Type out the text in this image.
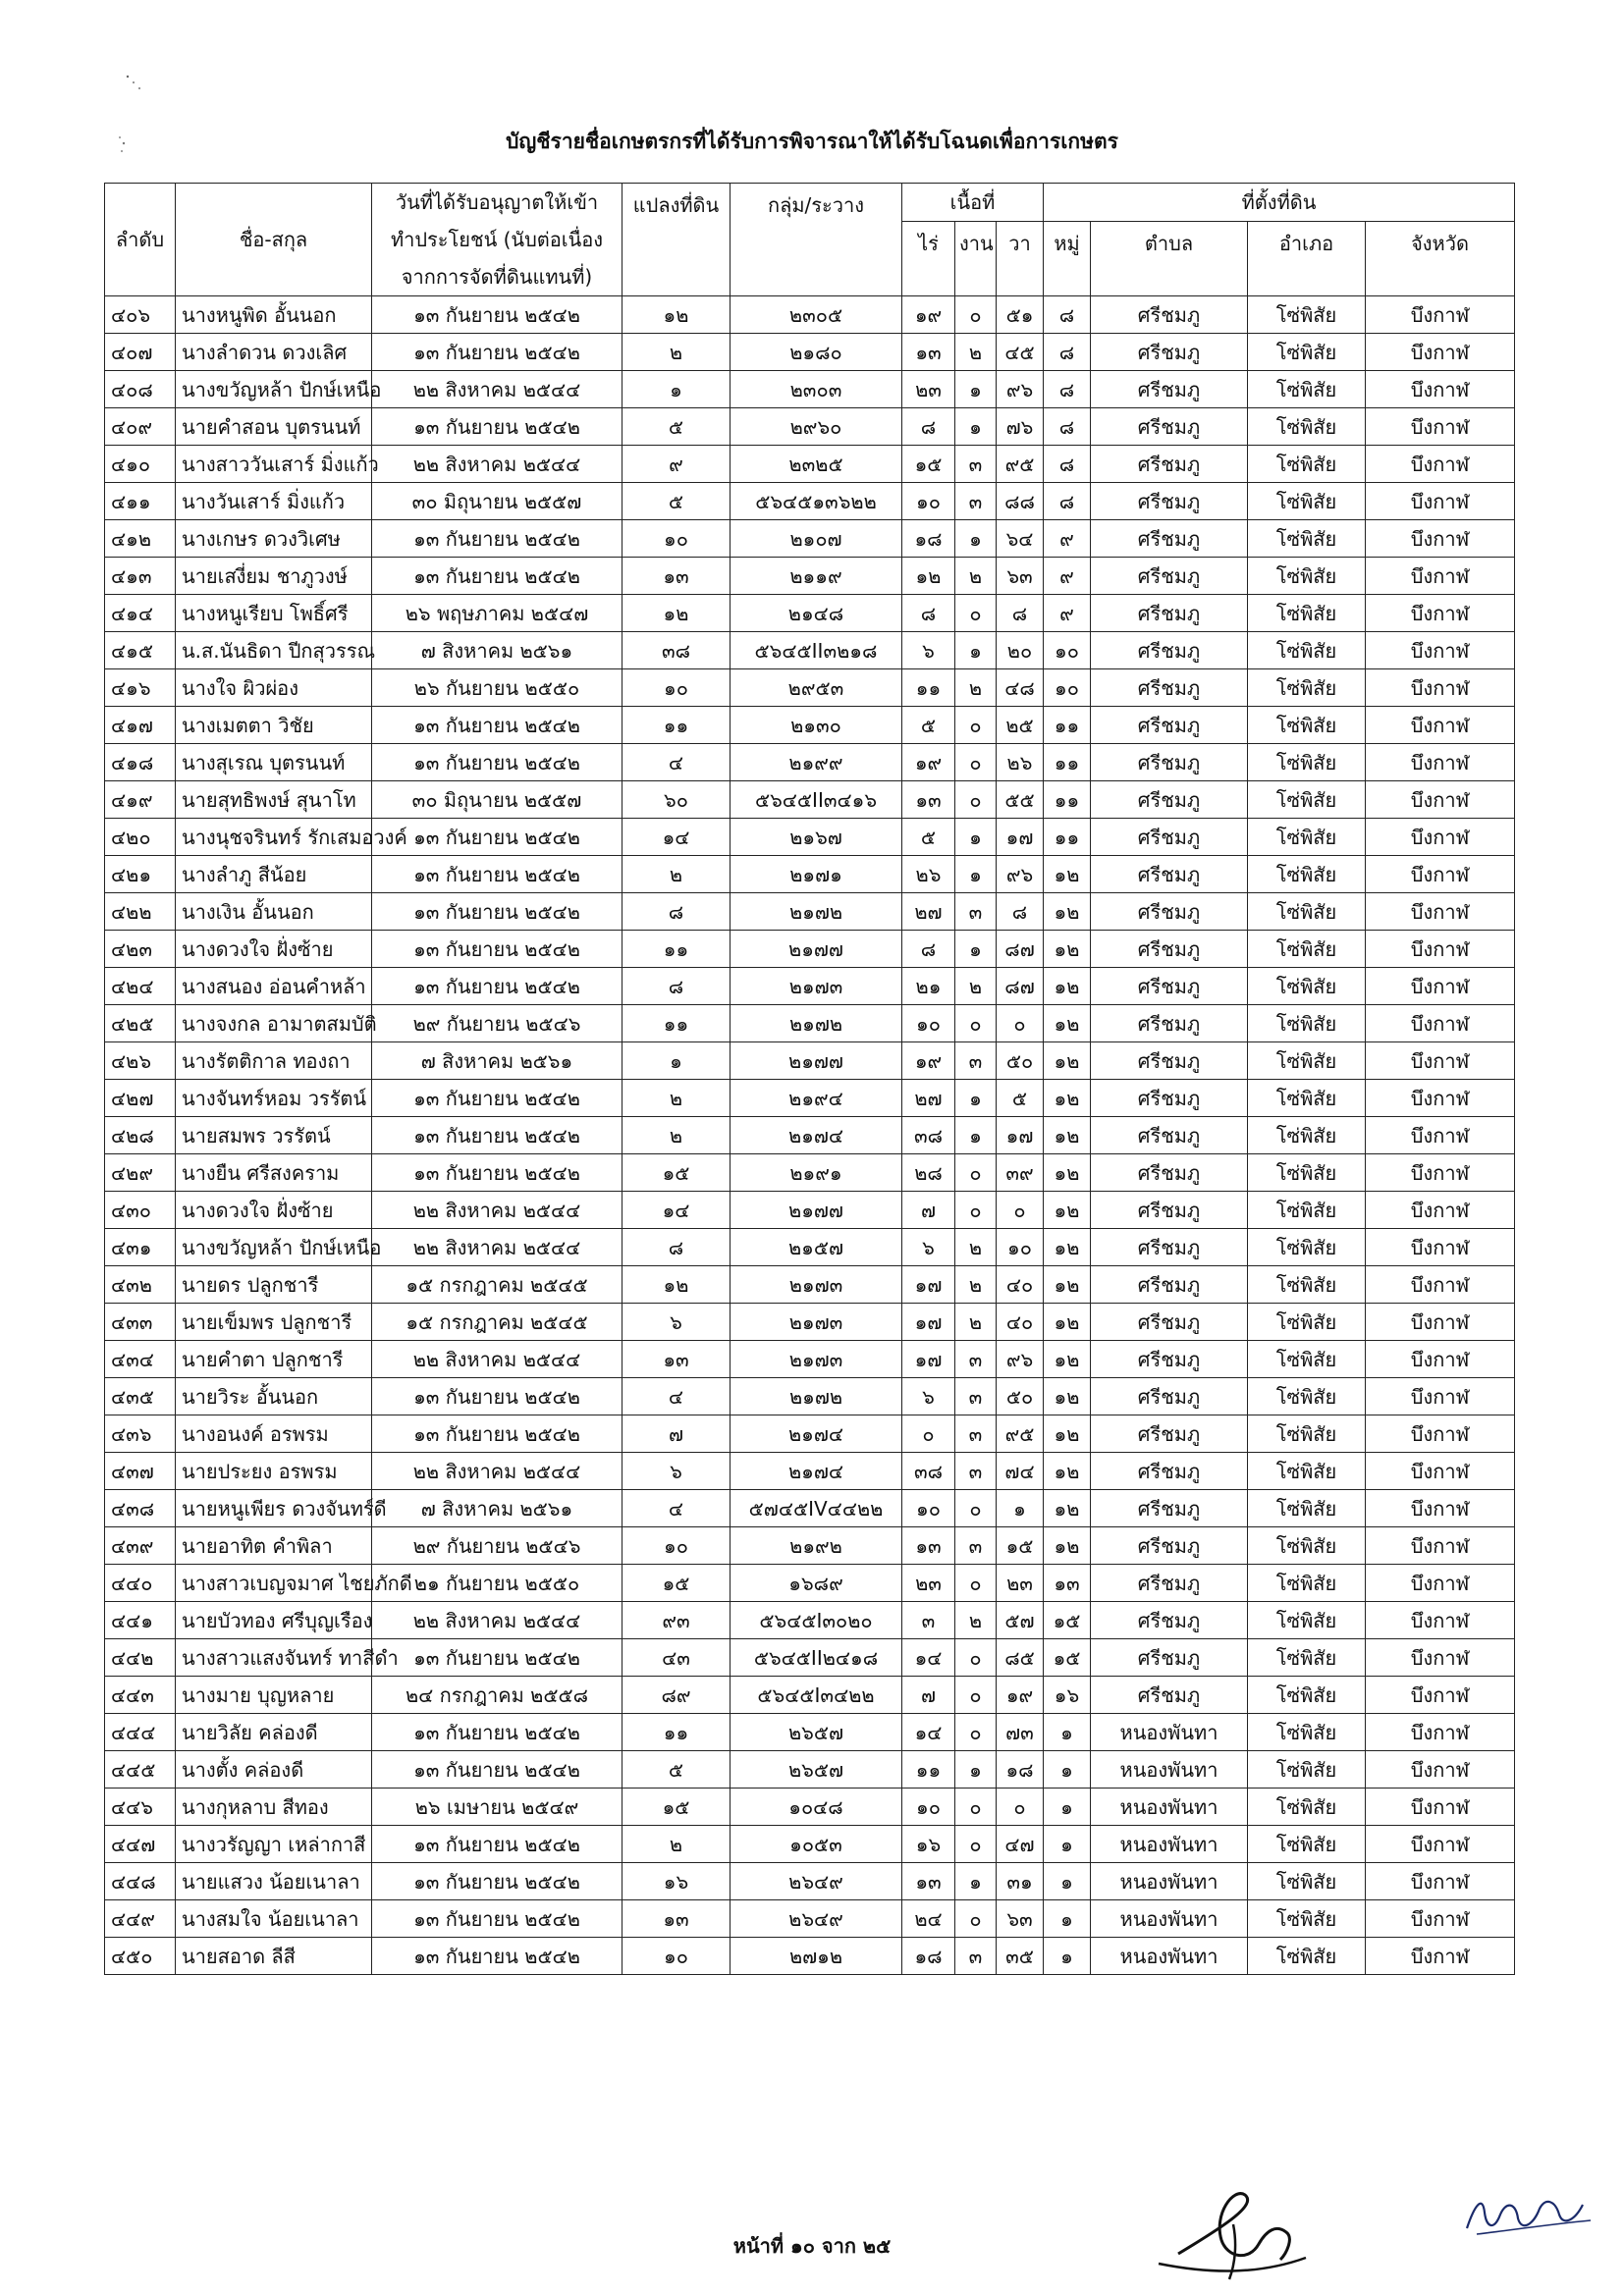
บัญชีรายชื่อเกษตรกรที่ได้รับการพิจารณาให้ได้รับโฉนดเพื่อการเกษตร
ลำดับ	ชื่อ-สกุล	วันที่ได้รับอนุญาตให้เข้า
ทำประโยชน์ (นับต่อเนื่อง
จากการจัดที่ดินแทนที่)	แปลงที่ดิน	กลุ่ม/ระวาง	เนื้อที่			ที่ตั้งที่ดิน			
					ไร่	งาน	วา	หมู่	ตำบล	อำเภอ	จังหวัด

๔๐๖	นางหนูพิด อั้นนอก	๑๓ กันยายน ๒๕๔๒	๑๒	๒๓๐๕	๑๙	๐	๕๑	๘	ศรีชมภู	โซ่พิสัย	บึงกาฬ
๔๐๗	นางลำดวน ดวงเลิศ	๑๓ กันยายน ๒๕๔๒	๒	๒๑๘๐	๑๓	๒	๔๕	๘	ศรีชมภู	โซ่พิสัย	บึงกาฬ
๔๐๘	นางขวัญหล้า ปักษ์เหนือ	๒๒ สิงหาคม ๒๕๔๔	๑	๒๓๐๓	๒๓	๑	๙๖	๘	ศรีชมภู	โซ่พิสัย	บึงกาฬ
๔๐๙	นายคำสอน บุตรนนท์	๑๓ กันยายน ๒๕๔๒	๕	๒๙๖๐	๘	๑	๗๖	๘	ศรีชมภู	โซ่พิสัย	บึงกาฬ
๔๑๐	นางสาววันเสาร์ มิ่งแก้ว	๒๒ สิงหาคม ๒๕๔๔	๙	๒๓๒๕	๑๕	๓	๙๕	๘	ศรีชมภู	โซ่พิสัย	บึงกาฬ
๔๑๑	นางวันเสาร์ มิ่งแก้ว	๓๐ มิถุนายน ๒๕๕๗	๕	๕๖๔๕๑๓๖๒๒	๑๐	๓	๘๘	๘	ศรีชมภู	โซ่พิสัย	บึงกาฬ
๔๑๒	นางเกษร ดวงวิเศษ	๑๓ กันยายน ๒๕๔๒	๑๐	๒๑๐๗	๑๘	๑	๖๔	๙	ศรีชมภู	โซ่พิสัย	บึงกาฬ
๔๑๓	นายเสงี่ยม ชาภูวงษ์	๑๓ กันยายน ๒๕๔๒	๑๓	๒๑๑๙	๑๒	๒	๖๓	๙	ศรีชมภู	โซ่พิสัย	บึงกาฬ
๔๑๔	นางหนูเรียบ โพธิ์ศรี	๒๖ พฤษภาคม ๒๕๔๗	๑๒	๒๑๔๘	๘	๐	๘	๙	ศรีชมภู	โซ่พิสัย	บึงกาฬ
๔๑๕	น.ส.นันธิดา ปีกสุวรรณ	๗ สิงหาคม ๒๕๖๑	๓๘	๕๖๔๕II๓๒๑๘	๖	๑	๒๐	๑๐	ศรีชมภู	โซ่พิสัย	บึงกาฬ
๔๑๖	นางใจ ผิวผ่อง	๒๖ กันยายน ๒๕๕๐	๑๐	๒๙๕๓	๑๑	๒	๔๘	๑๐	ศรีชมภู	โซ่พิสัย	บึงกาฬ
๔๑๗	นางเมตตา วิชัย	๑๓ กันยายน ๒๕๔๒	๑๑	๒๑๓๐	๕	๐	๒๕	๑๑	ศรีชมภู	โซ่พิสัย	บึงกาฬ
๔๑๘	นางสุเรณ บุตรนนท์	๑๓ กันยายน ๒๕๔๒	๔	๒๑๙๙	๑๙	๐	๒๖	๑๑	ศรีชมภู	โซ่พิสัย	บึงกาฬ
๔๑๙	นายสุทธิพงษ์ สุนาโท	๓๐ มิถุนายน ๒๕๕๗	๖๐	๕๖๔๕II๓๔๑๖	๑๓	๐	๕๕	๑๑	ศรีชมภู	โซ่พิสัย	บึงกาฬ
๔๒๐	นางนุชจรินทร์ รักเสมอวงค์	๑๓ กันยายน ๒๕๔๒	๑๔	๒๑๖๗	๕	๑	๑๗	๑๑	ศรีชมภู	โซ่พิสัย	บึงกาฬ
๔๒๑	นางลำภู สีน้อย	๑๓ กันยายน ๒๕๔๒	๒	๒๑๗๑	๒๖	๑	๙๖	๑๒	ศรีชมภู	โซ่พิสัย	บึงกาฬ
๔๒๒	นางเงิน อั้นนอก	๑๓ กันยายน ๒๕๔๒	๘	๒๑๗๒	๒๗	๓	๘	๑๒	ศรีชมภู	โซ่พิสัย	บึงกาฬ
๔๒๓	นางดวงใจ ฝั่งซ้าย	๑๓ กันยายน ๒๕๔๒	๑๑	๒๑๗๗	๘	๑	๘๗	๑๒	ศรีชมภู	โซ่พิสัย	บึงกาฬ
๔๒๔	นางสนอง อ่อนคำหล้า	๑๓ กันยายน ๒๕๔๒	๘	๒๑๗๓	๒๑	๒	๘๗	๑๒	ศรีชมภู	โซ่พิสัย	บึงกาฬ
๔๒๕	นางจงกล อามาตสมบัติ	๒๙ กันยายน ๒๕๔๖	๑๑	๒๑๗๒	๑๐	๐	๐	๑๒	ศรีชมภู	โซ่พิสัย	บึงกาฬ
๔๒๖	นางรัตติกาล ทองถา	๗ สิงหาคม ๒๕๖๑	๑	๒๑๗๗	๑๙	๓	๕๐	๑๒	ศรีชมภู	โซ่พิสัย	บึงกาฬ
๔๒๗	นางจันทร์หอม วรรัตน์	๑๓ กันยายน ๒๕๔๒	๒	๒๑๙๔	๒๗	๑	๕	๑๒	ศรีชมภู	โซ่พิสัย	บึงกาฬ
๔๒๘	นายสมพร วรรัตน์	๑๓ กันยายน ๒๕๔๒	๒	๒๑๗๔	๓๘	๑	๑๗	๑๒	ศรีชมภู	โซ่พิสัย	บึงกาฬ
๔๒๙	นางยืน ศรีสงคราม	๑๓ กันยายน ๒๕๔๒	๑๕	๒๑๙๑	๒๘	๐	๓๙	๑๒	ศรีชมภู	โซ่พิสัย	บึงกาฬ
๔๓๐	นางดวงใจ ฝั่งซ้าย	๒๒ สิงหาคม ๒๕๔๔	๑๔	๒๑๗๗	๗	๐	๐	๑๒	ศรีชมภู	โซ่พิสัย	บึงกาฬ
๔๓๑	นางขวัญหล้า ปักษ์เหนือ	๒๒ สิงหาคม ๒๕๔๔	๘	๒๑๕๗	๖	๒	๑๐	๑๒	ศรีชมภู	โซ่พิสัย	บึงกาฬ
๔๓๒	นายดร ปลูกชารี	๑๕ กรกฎาคม ๒๕๔๕	๑๒	๒๑๗๓	๑๗	๒	๔๐	๑๒	ศรีชมภู	โซ่พิสัย	บึงกาฬ
๔๓๓	นายเข็มพร ปลูกชารี	๑๕ กรกฎาคม ๒๕๔๕	๖	๒๑๗๓	๑๗	๒	๔๐	๑๒	ศรีชมภู	โซ่พิสัย	บึงกาฬ
๔๓๔	นายคำตา ปลูกชารี	๒๒ สิงหาคม ๒๕๔๔	๑๓	๒๑๗๓	๑๗	๓	๙๖	๑๒	ศรีชมภู	โซ่พิสัย	บึงกาฬ
๔๓๕	นายวิระ อั้นนอก	๑๓ กันยายน ๒๕๔๒	๔	๒๑๗๒	๖	๓	๕๐	๑๒	ศรีชมภู	โซ่พิสัย	บึงกาฬ
๔๓๖	นางอนงค์ อรพรม	๑๓ กันยายน ๒๕๔๒	๗	๒๑๗๔	๐	๓	๙๕	๑๒	ศรีชมภู	โซ่พิสัย	บึงกาฬ
๔๓๗	นายประยง อรพรม	๒๒ สิงหาคม ๒๕๔๔	๖	๒๑๗๔	๓๘	๓	๗๔	๑๒	ศรีชมภู	โซ่พิสัย	บึงกาฬ
๔๓๘	นายหนูเพียร ดวงจันทร์ดี	๗ สิงหาคม ๒๕๖๑	๔	๕๗๔๕IV๔๔๒๒	๑๐	๐	๑	๑๒	ศรีชมภู	โซ่พิสัย	บึงกาฬ
๔๓๙	นายอาทิต คำพิลา	๒๙ กันยายน ๒๕๔๖	๑๐	๒๑๙๒	๑๓	๓	๑๕	๑๒	ศรีชมภู	โซ่พิสัย	บึงกาฬ
๔๔๐	นางสาวเบญจมาศ ไชยภักดี	๒๑ กันยายน ๒๕๕๐	๑๕	๑๖๘๙	๒๓	๐	๒๓	๑๓	ศรีชมภู	โซ่พิสัย	บึงกาฬ
๔๔๑	นายบัวทอง ศรีบุญเรือง	๒๒ สิงหาคม ๒๕๔๔	๙๓	๕๖๔๕I๓๐๒๐	๓	๒	๕๗	๑๕	ศรีชมภู	โซ่พิสัย	บึงกาฬ
๔๔๒	นางสาวแสงจันทร์ ทาสีดำ	๑๓ กันยายน ๒๕๔๒	๔๓	๕๖๔๕II๒๔๑๘	๑๔	๐	๘๕	๑๕	ศรีชมภู	โซ่พิสัย	บึงกาฬ
๔๔๓	นางมาย บุญหลาย	๒๔ กรกฎาคม ๒๕๕๘	๘๙	๕๖๔๕I๓๔๒๒	๗	๐	๑๙	๑๖	ศรีชมภู	โซ่พิสัย	บึงกาฬ
๔๔๔	นายวิลัย คล่องดี	๑๓ กันยายน ๒๕๔๒	๑๑	๒๖๕๗	๑๔	๐	๗๓	๑	หนองพันทา	โซ่พิสัย	บึงกาฬ
๔๔๕	นางตั้ง คล่องดี	๑๓ กันยายน ๒๕๔๒	๕	๒๖๕๗	๑๑	๑	๑๘	๑	หนองพันทา	โซ่พิสัย	บึงกาฬ
๔๔๖	นางกุหลาบ สีทอง	๒๖ เมษายน ๒๕๔๙	๑๕	๑๐๔๘	๑๐	๐	๐	๑	หนองพันทา	โซ่พิสัย	บึงกาฬ
๔๔๗	นางวรัญญา เหล่ากาสี	๑๓ กันยายน ๒๕๔๒	๒	๑๐๕๓	๑๖	๐	๔๗	๑	หนองพันทา	โซ่พิสัย	บึงกาฬ
๔๔๘	นายแสวง น้อยเนาลา	๑๓ กันยายน ๒๕๔๒	๑๖	๒๖๔๙	๑๓	๑	๓๑	๑	หนองพันทา	โซ่พิสัย	บึงกาฬ
๔๔๙	นางสมใจ น้อยเนาลา	๑๓ กันยายน ๒๕๔๒	๑๓	๒๖๔๙	๒๔	๐	๖๓	๑	หนองพันทา	โซ่พิสัย	บึงกาฬ
๔๕๐	นายสอาด ลีสี	๑๓ กันยายน ๒๕๔๒	๑๐	๒๗๑๒	๑๘	๓	๓๕	๑	หนองพันทา	โซ่พิสัย	บึงกาฬ
หน้าที่ ๑๐ จาก ๒๕
